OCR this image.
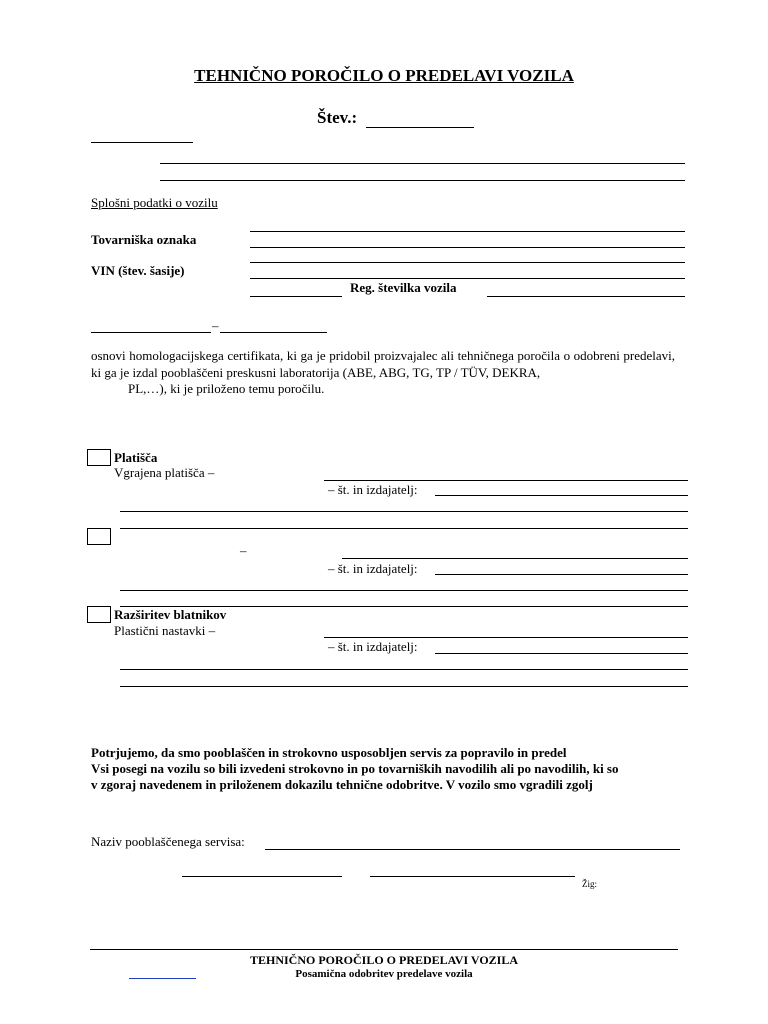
TEHNIČNO POROČILO O PREDELAVI VOZILA
Štev.:
Splošni podatki o vozilu
Tovarniška oznaka
VIN (štev. šasije)
Reg. številka vozila
–
osnovi homologacijskega certifikata, ki ga je pridobil proizvajalec ali tehničnega poročila o odobreni predelavi, ki ga je izdal pooblaščeni preskusni laboratorija (ABE, ABG, TG, TP / TÜV, DEKRA,
PL,…), ki je priloženo temu poročilu.
Platišča
Vgrajena platišča –
– št. in izdajatelj:
–
– št. in izdajatelj:
Razširitev blatnikov
Plastični nastavki –
– št. in izdajatelj:
Potrjujemo, da smo pooblaščen in strokovno usposobljen servis za popravilo in predel
Vsi posegi na vozilu so bili izvedeni strokovno in po tovarniških navodilih ali po navodilih, ki so
v zgoraj navedenem in priloženem dokazilu tehnične odobritve. V vozilo smo vgradili zgolj
Naziv pooblaščenega servisa:
Žig:
TEHNIČNO POROČILO O PREDELAVI VOZILA
Posamična odobritev predelave vozila
